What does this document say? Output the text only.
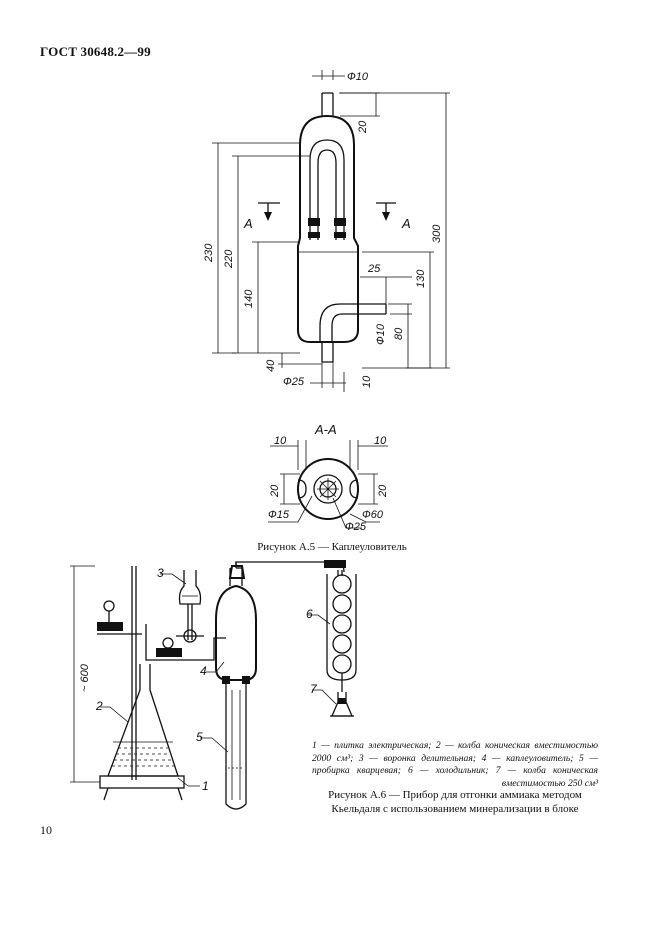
ГОСТ 30648.2—99
Ф10
20
300
230 220
140
130
25
80
Ф10
40
Ф25	10
А	А
А-А
10	10
20	20
Ф15	Ф60
Ф25
~ 600
3
2
4
5
6
7
1
Рисунок А.5 — Каплеуловитель
1 — плитка электрическая; 2 — колба коническая вместимостью 2000 см³; 3 — воронка делительная; 4 — каплеуловитель; 5 — пробирка кварцевая; 6 — холодильник; 7 — колба коническая вместимостью 250 см³
Рисунок А.6 — Прибор для отгонки аммиака методом
Кьельдаля с использованием минерализации в блоке
10
